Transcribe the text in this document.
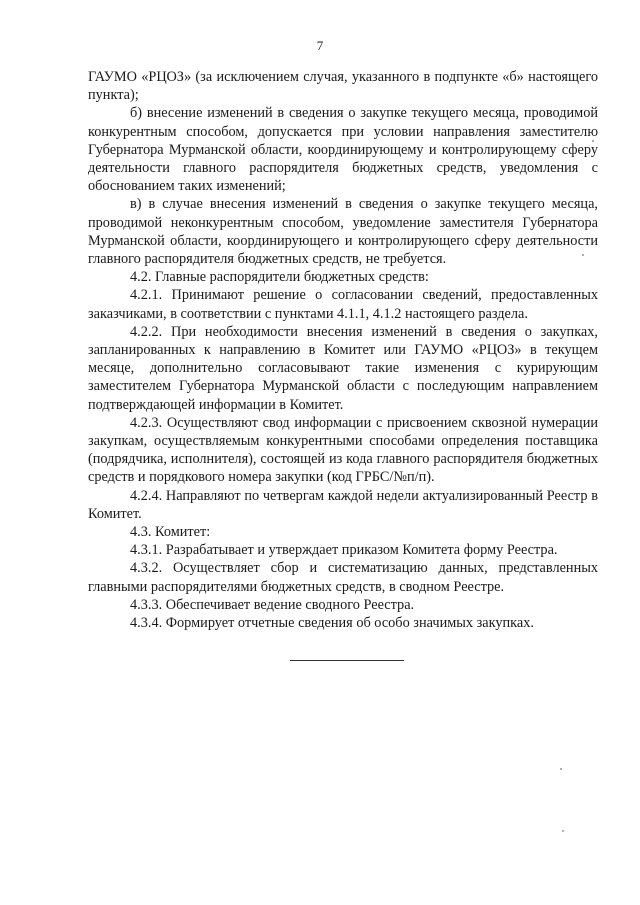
7

ГАУМО «РЦОЗ» (за исключением случая, указанного в подпункте «б» настоящего пункта);

б) внесение изменений в сведения о закупке текущего месяца, проводимой конкурентным способом, допускается при условии направления заместителю Губернатора Мурманской области, координирующему и контролирующему сферу деятельности главного распорядителя бюджетных средств, уведомления с обоснованием таких изменений;

в) в случае внесения изменений в сведения о закупке текущего месяца, проводимой неконкурентным способом, уведомление заместителя Губернатора Мурманской области, координирующего и контролирующего сферу деятельности главного распорядителя бюджетных средств, не требуется.

4.2. Главные распорядители бюджетных средств:

4.2.1. Принимают решение о согласовании сведений, предоставленных заказчиками, в соответствии с пунктами 4.1.1, 4.1.2 настоящего раздела.

4.2.2. При необходимости внесения изменений в сведения о закупках, запланированных к направлению в Комитет или ГАУМО «РЦОЗ» в текущем месяце, дополнительно согласовывают такие изменения с курирующим заместителем Губернатора Мурманской области с последующим направлением подтверждающей информации в Комитет.

4.2.3. Осуществляют свод информации с присвоением сквозной нумерации закупкам, осуществляемым конкурентными способами определения поставщика (подрядчика, исполнителя), состоящей из кода главного распорядителя бюджетных средств и порядкового номера закупки (код ГРБС/№п/п).

4.2.4. Направляют по четвергам каждой недели актуализированный Реестр в Комитет.

4.3. Комитет:

4.3.1. Разрабатывает и утверждает приказом Комитета форму Реестра.

4.3.2. Осуществляет сбор и систематизацию данных, представленных главными распорядителями бюджетных средств, в сводном Реестре.

4.3.3. Обеспечивает ведение сводного Реестра.

4.3.4. Формирует отчетные сведения об особо значимых закупках.
